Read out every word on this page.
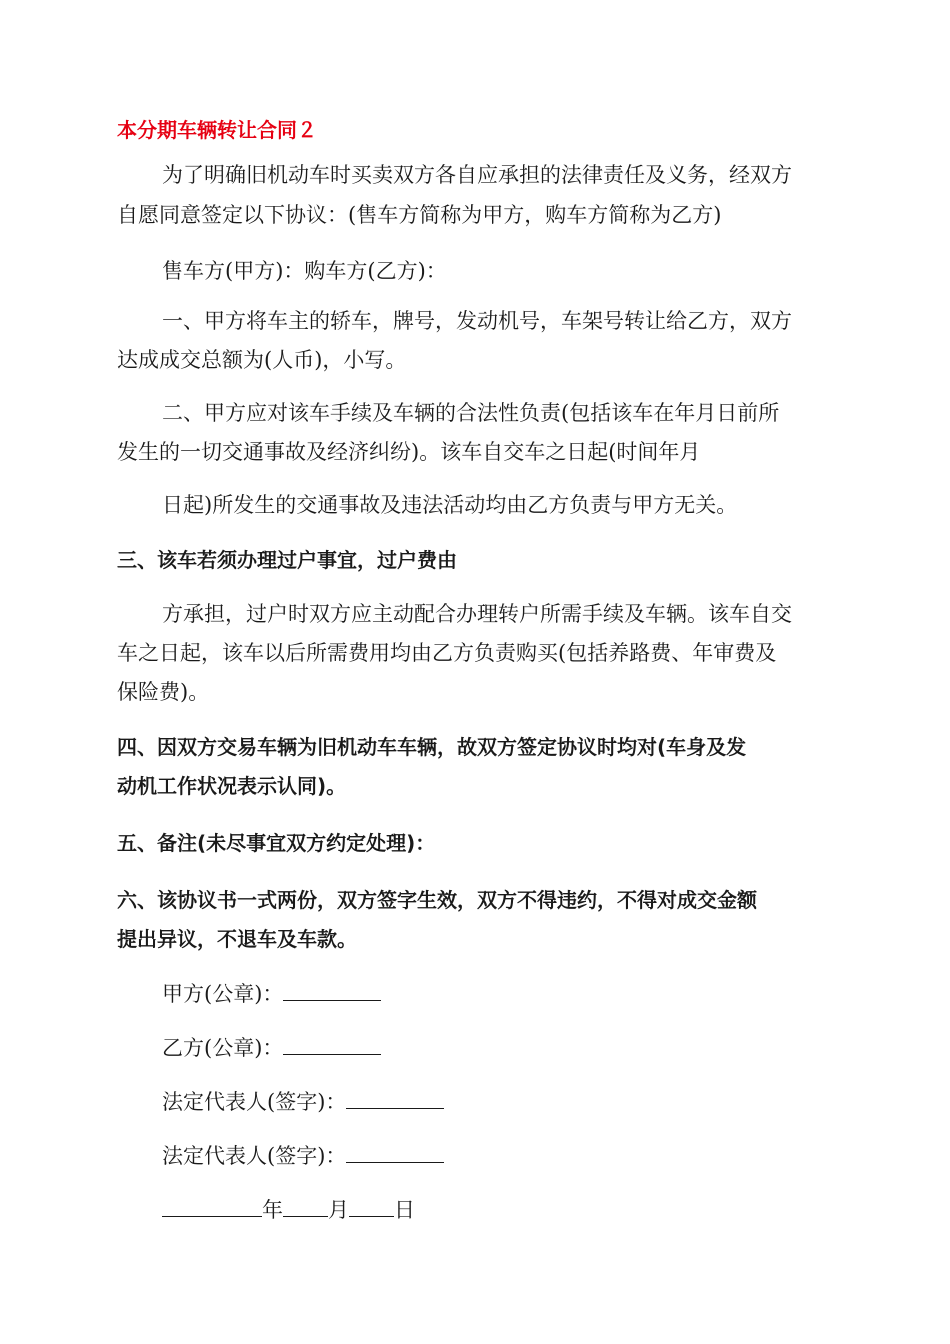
本分期车辆转让合同２
为了明确旧机动车时买卖双方各自应承担的法律责任及义务，经双方
自愿同意签定以下协议：(售车方简称为甲方，购车方简称为乙方)
售车方(甲方)：购车方(乙方)：
一、甲方将车主的轿车，牌号，发动机号，车架号转让给乙方，双方
达成成交总额为(人币)，小写。
二、甲方应对该车手续及车辆的合法性负责(包括该车在年月日前所
发生的一切交通事故及经济纠纷)。该车自交车之日起(时间年月
日起)所发生的交通事故及违法活动均由乙方负责与甲方无关。
三、该车若须办理过户事宜，过户费由
方承担，过户时双方应主动配合办理转户所需手续及车辆。该车自交
车之日起，该车以后所需费用均由乙方负责购买(包括养路费、年审费及
保险费)。
四、因双方交易车辆为旧机动车车辆，故双方签定协议时均对(车身及发
动机工作状况表示认同)。
五、备注(未尽事宜双方约定处理)：
六、该协议书一式两份，双方签字生效，双方不得违约，不得对成交金额
提出异议，不退车及车款。
甲方(公章)：
乙方(公章)：
法定代表人(签字)：
法定代表人(签字)：
年 月 日
